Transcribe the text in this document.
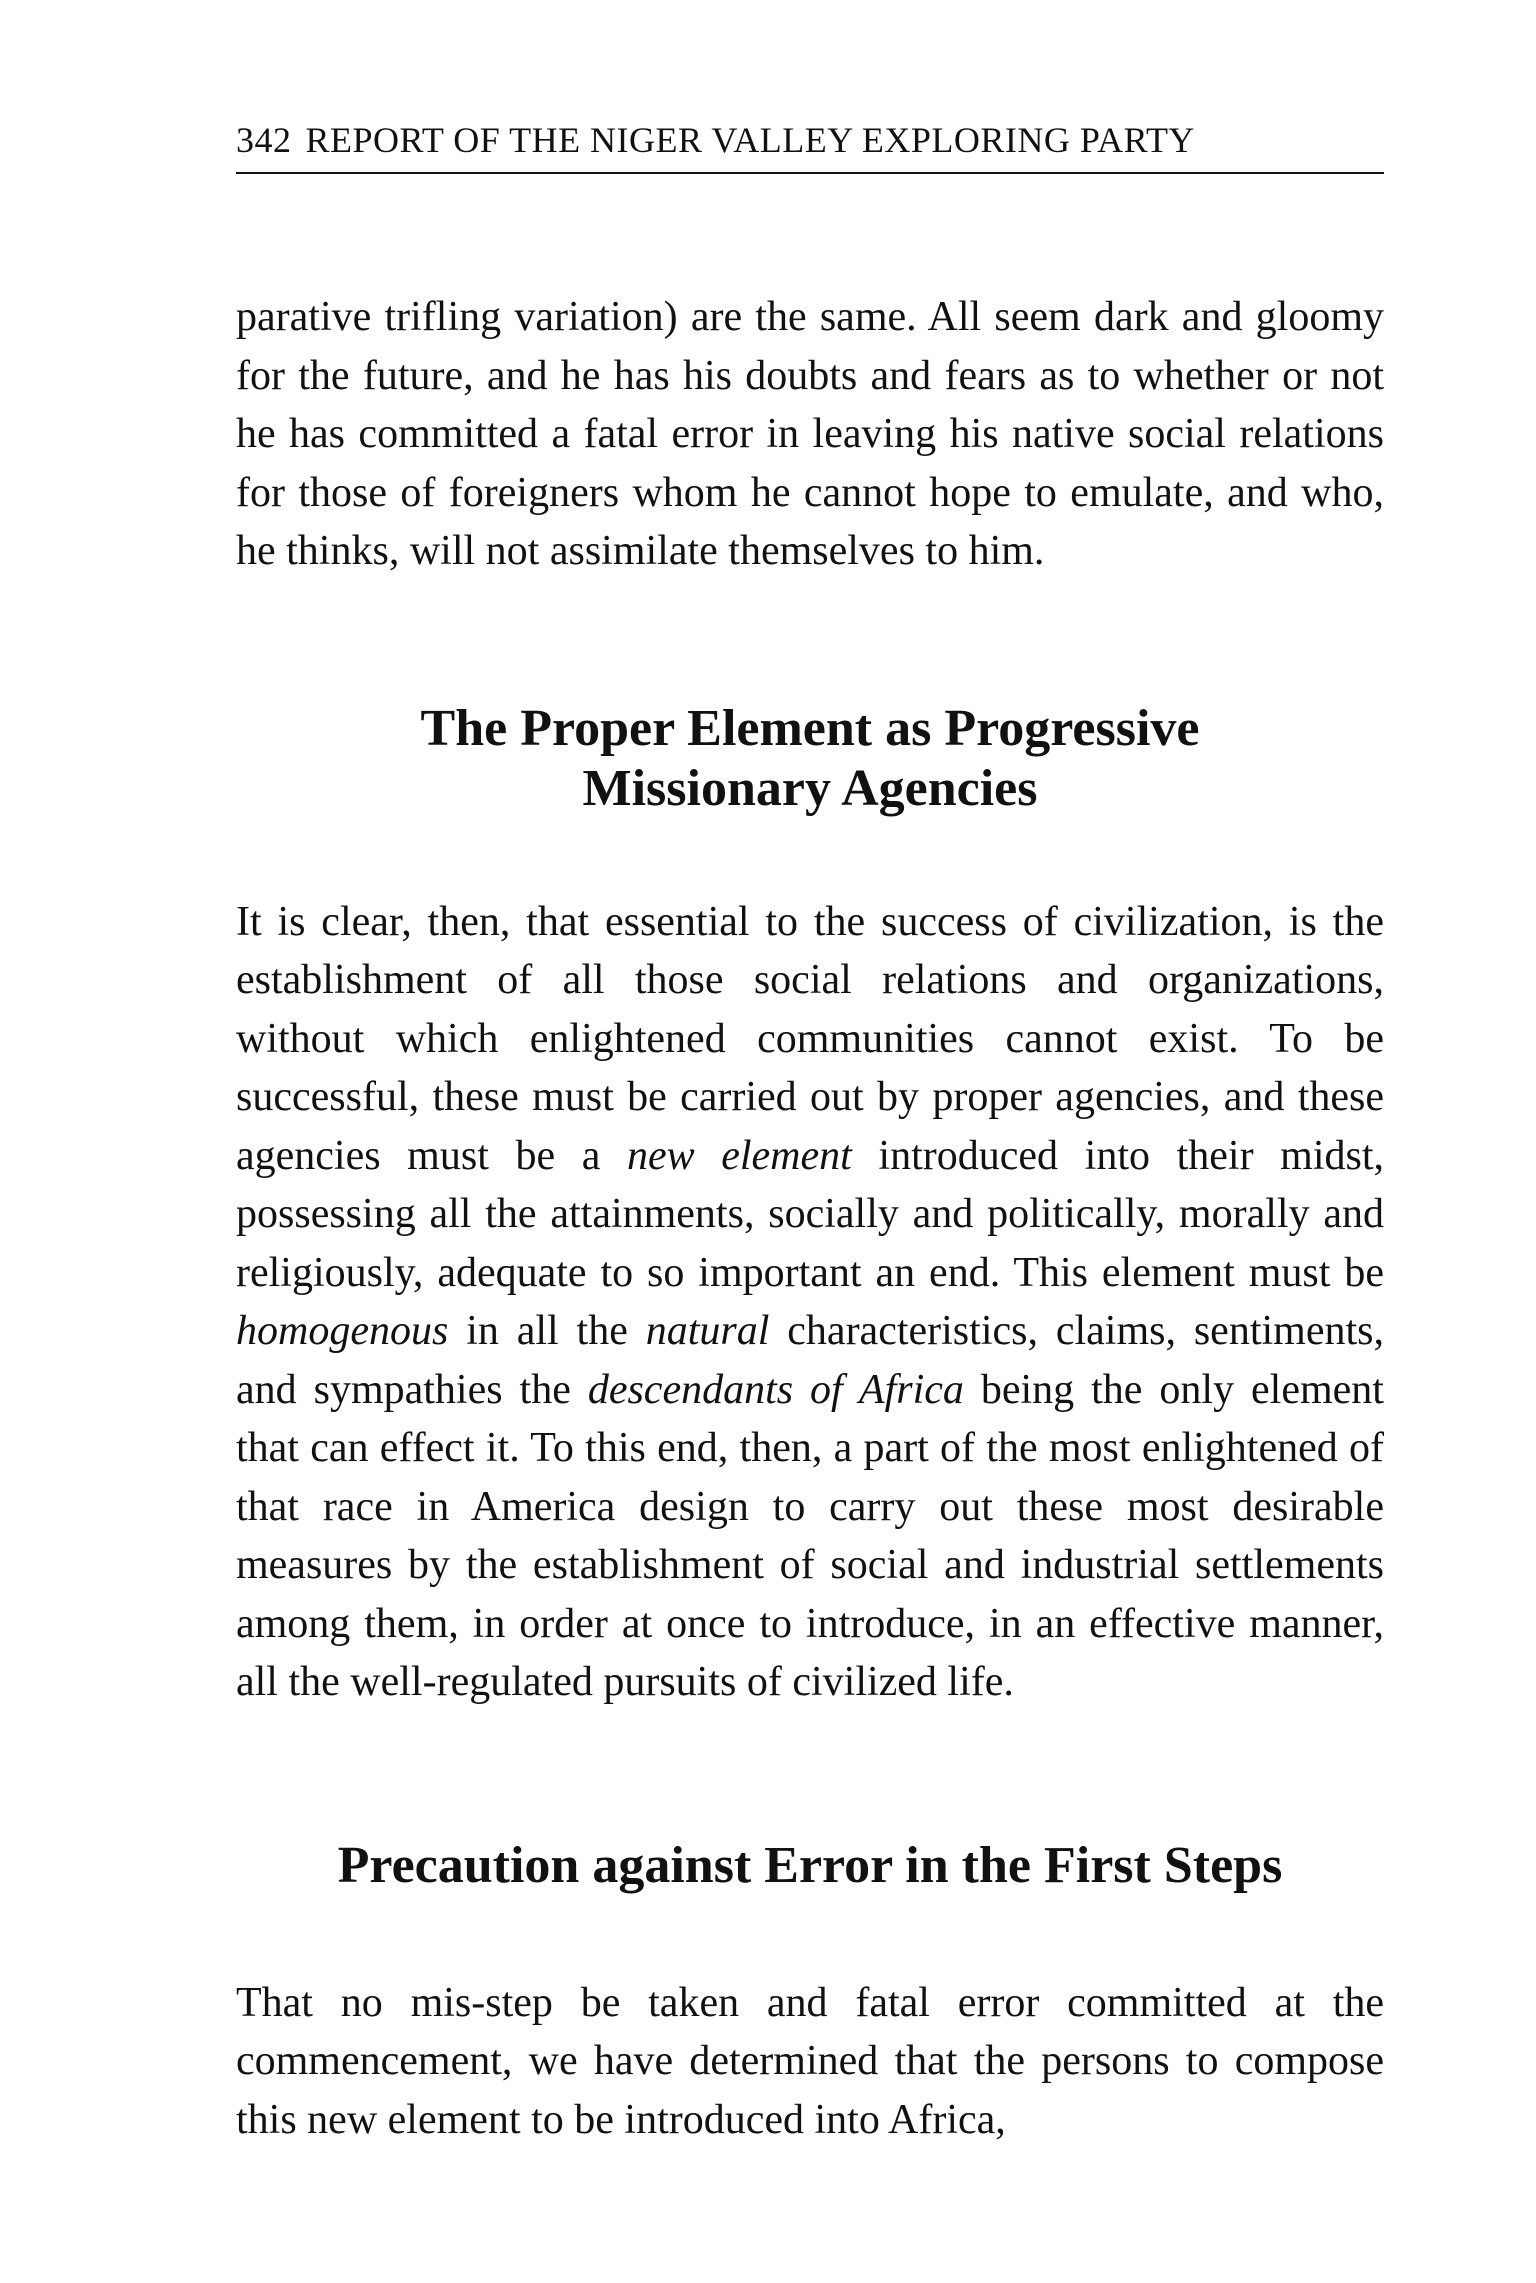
342 REPORT OF THE NIGER VALLEY EXPLORING PARTY

parative trifling variation) are the same. All seem dark and gloomy for the future, and he has his doubts and fears as to whether or not he has committed a fatal error in leaving his native social relations for those of foreigners whom he cannot hope to emulate, and who, he thinks, will not assimilate themselves to him.

The Proper Element as Progressive
Missionary Agencies

It is clear, then, that essential to the success of civilization, is the establishment of all those social relations and organizations, without which enlightened communities cannot exist. To be successful, these must be carried out by proper agencies, and these agencies must be a new element introduced into their midst, possessing all the attainments, socially and politically, morally and religiously, adequate to so important an end. This element must be homogenous in all the natural characteristics, claims, sentiments, and sympathies the descendants of Africa being the only element that can effect it. To this end, then, a part of the most enlightened of that race in America design to carry out these most desirable measures by the establishment of social and industrial settlements among them, in order at once to introduce, in an effective manner, all the well-regulated pursuits of civilized life.

Precaution against Error in the First Steps

That no mis-step be taken and fatal error committed at the commencement, we have determined that the persons to compose this new element to be introduced into Africa,
